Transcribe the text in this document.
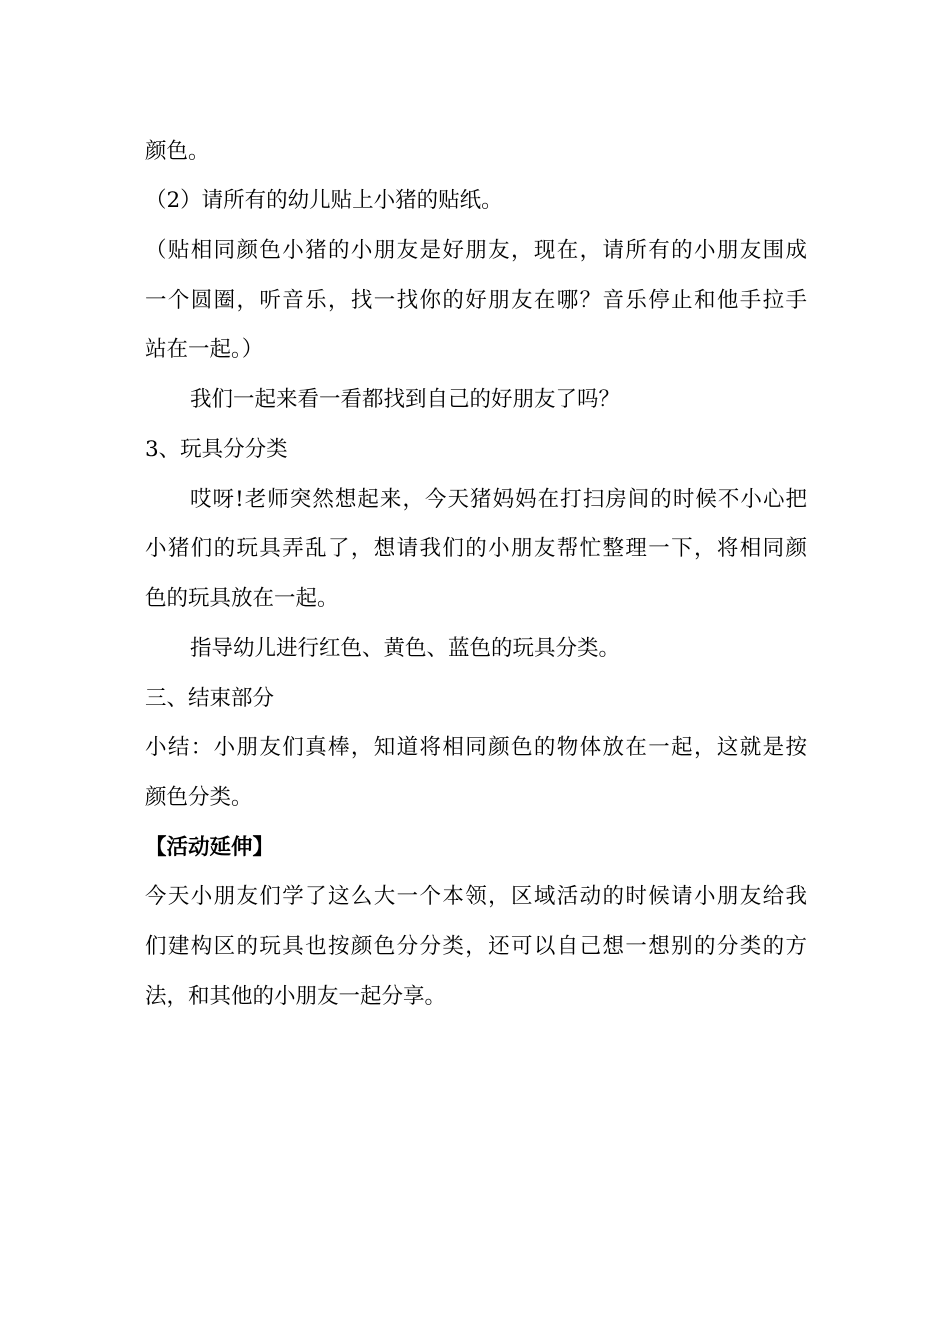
颜色。
（2）请所有的幼儿贴上小猪的贴纸。
（贴相同颜色小猪的小朋友是好朋友，现在，请所有的小朋友围成
一个圆圈，听音乐，找一找你的好朋友在哪？音乐停止和他手拉手
站在一起。）
我们一起来看一看都找到自己的好朋友了吗？
3、玩具分分类
哎呀!老师突然想起来，今天猪妈妈在打扫房间的时候不小心把
小猪们的玩具弄乱了，想请我们的小朋友帮忙整理一下，将相同颜
色的玩具放在一起。
指导幼儿进行红色、黄色、蓝色的玩具分类。
三、结束部分
小结：小朋友们真棒，知道将相同颜色的物体放在一起，这就是按
颜色分类。
【活动延伸】
今天小朋友们学了这么大一个本领，区域活动的时候请小朋友给我
们建构区的玩具也按颜色分分类，还可以自己想一想别的分类的方
法，和其他的小朋友一起分享。
